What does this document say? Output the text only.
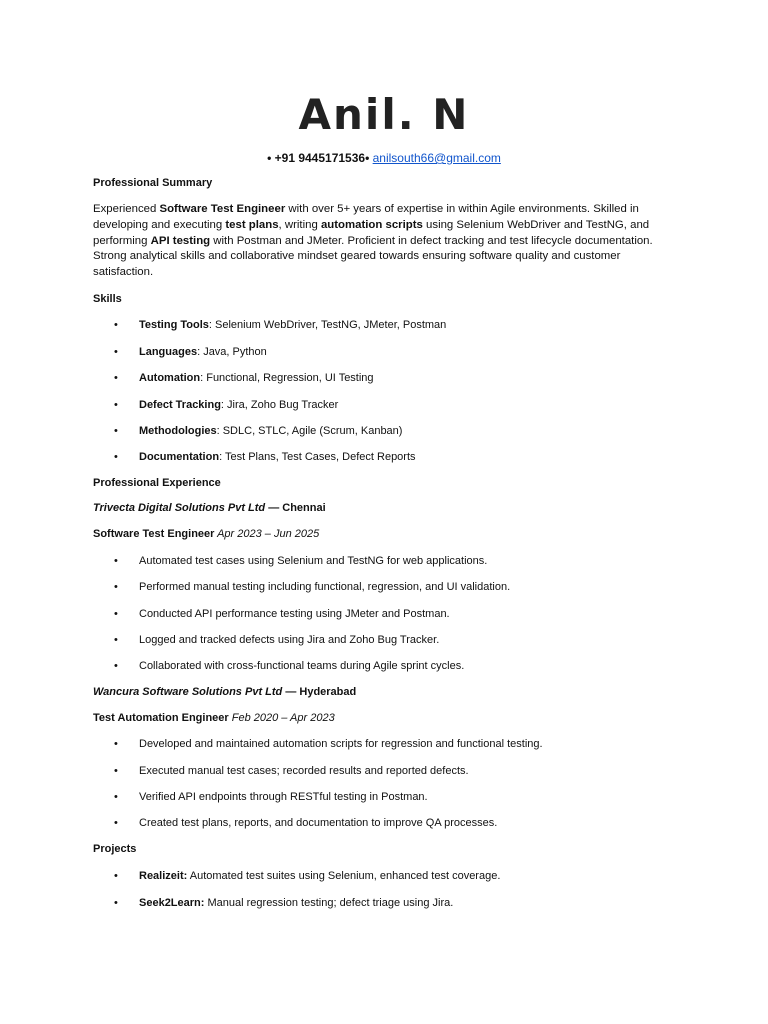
Anil. N
• +91 9445171536• anilsouth66@gmail.com
Professional Summary
Experienced Software Test Engineer with over 5+ years of expertise in within Agile environments. Skilled in developing and executing test plans, writing automation scripts using Selenium WebDriver and TestNG, and performing API testing with Postman and JMeter. Proficient in defect tracking and test lifecycle documentation. Strong analytical skills and collaborative mindset geared towards ensuring software quality and customer satisfaction.
Skills
• Testing Tools: Selenium WebDriver, TestNG, JMeter, Postman
• Languages: Java, Python
• Automation: Functional, Regression, UI Testing
• Defect Tracking: Jira, Zoho Bug Tracker
• Methodologies: SDLC, STLC, Agile (Scrum, Kanban)
• Documentation: Test Plans, Test Cases, Defect Reports
Professional Experience
Trivecta Digital Solutions Pvt Ltd — Chennai
Software Test Engineer Apr 2023 – Jun 2025
• Automated test cases using Selenium and TestNG for web applications.
• Performed manual testing including functional, regression, and UI validation.
• Conducted API performance testing using JMeter and Postman.
• Logged and tracked defects using Jira and Zoho Bug Tracker.
• Collaborated with cross-functional teams during Agile sprint cycles.
Wancura Software Solutions Pvt Ltd — Hyderabad
Test Automation Engineer Feb 2020 – Apr 2023
• Developed and maintained automation scripts for regression and functional testing.
• Executed manual test cases; recorded results and reported defects.
• Verified API endpoints through RESTful testing in Postman.
• Created test plans, reports, and documentation to improve QA processes.
Projects
• Realizeit: Automated test suites using Selenium, enhanced test coverage.
• Seek2Learn: Manual regression testing; defect triage using Jira.
